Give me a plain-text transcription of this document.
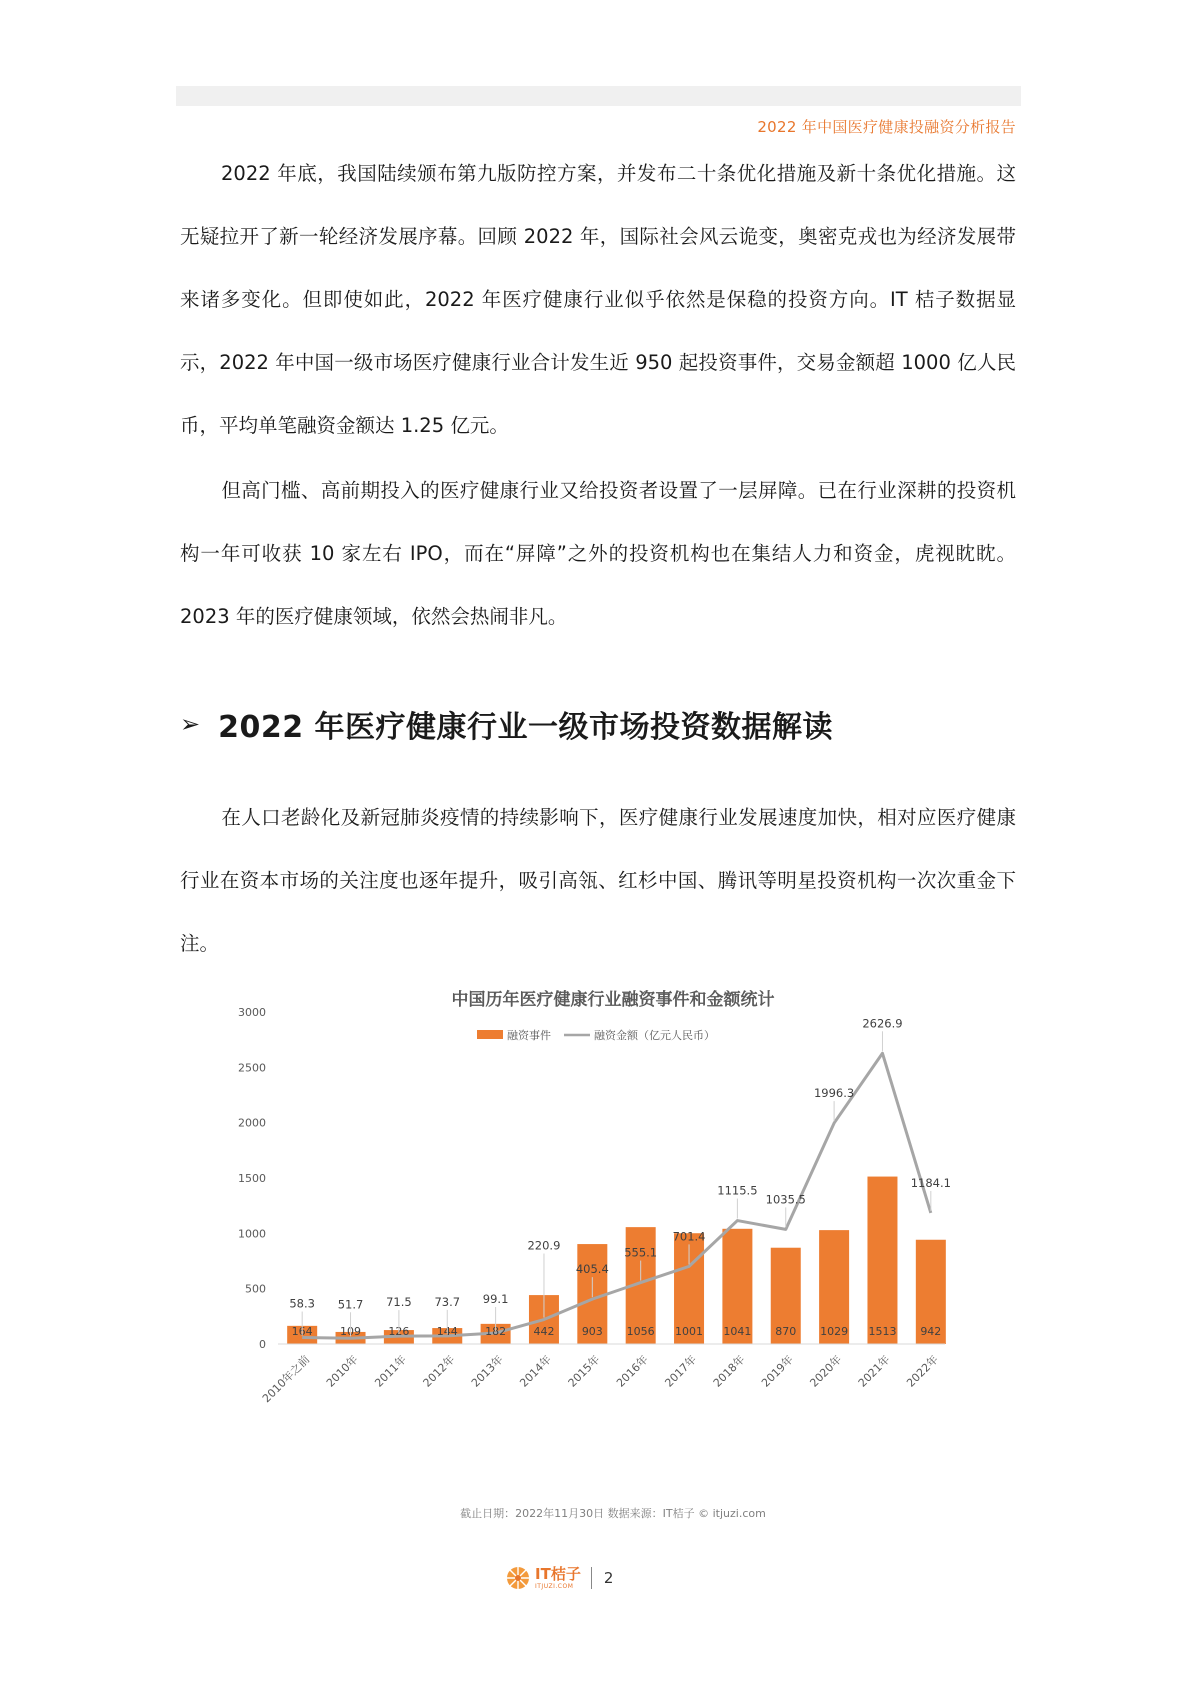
2022 年中国医疗健康投融资分析报告

2022 年底，我国陆续颁布第九版防控方案，并发布二十条优化措施及新十条优化措施。这无疑拉开了新一轮经济发展序幕。回顾 2022 年，国际社会风云诡变，奥密克戎也为经济发展带来诸多变化。但即使如此，2022 年医疗健康行业似乎依然是保稳的投资方向。IT 桔子数据显示，2022 年中国一级市场医疗健康行业合计发生近 950 起投资事件，交易金额超 1000 亿人民币，平均单笔融资金额达 1.25 亿元。

但高门槛、高前期投入的医疗健康行业又给投资者设置了一层屏障。已在行业深耕的投资机构一年可收获 10 家左右 IPO，而在“屏障”之外的投资机构也在集结人力和资金，虎视眈眈。2023 年的医疗健康领域，依然会热闹非凡。

➢ 2022 年医疗健康行业一级市场投资数据解读

在人口老龄化及新冠肺炎疫情的持续影响下，医疗健康行业发展速度加快，相对应医疗健康行业在资本市场的关注度也逐年提升，吸引高瓴、红杉中国、腾讯等明星投资机构一次次重金下注。

中国历年医疗健康行业融资事件和金额统计
融资事件	融资金额（亿元人民币）
0
500
1000
1500
2000
2500
3000
164 109 126 144 182 442 903 1056 1001 1041 870 1029 1513 942
58.3 51.7 71.5 73.7 99.1
220.9
405.4
555.1
701.4
1115.5
1035.5
1996.3
2626.9
1184.1
2010年之前 2010年 2011年 2012年 2013年 2014年 2015年 2016年 2017年 2018年 2019年 2020年 2021年 2022年
截止日期：2022年11月30日 数据来源：IT桔子 © itjuzi.com
IT桔子
ITJUZI.COM	2
